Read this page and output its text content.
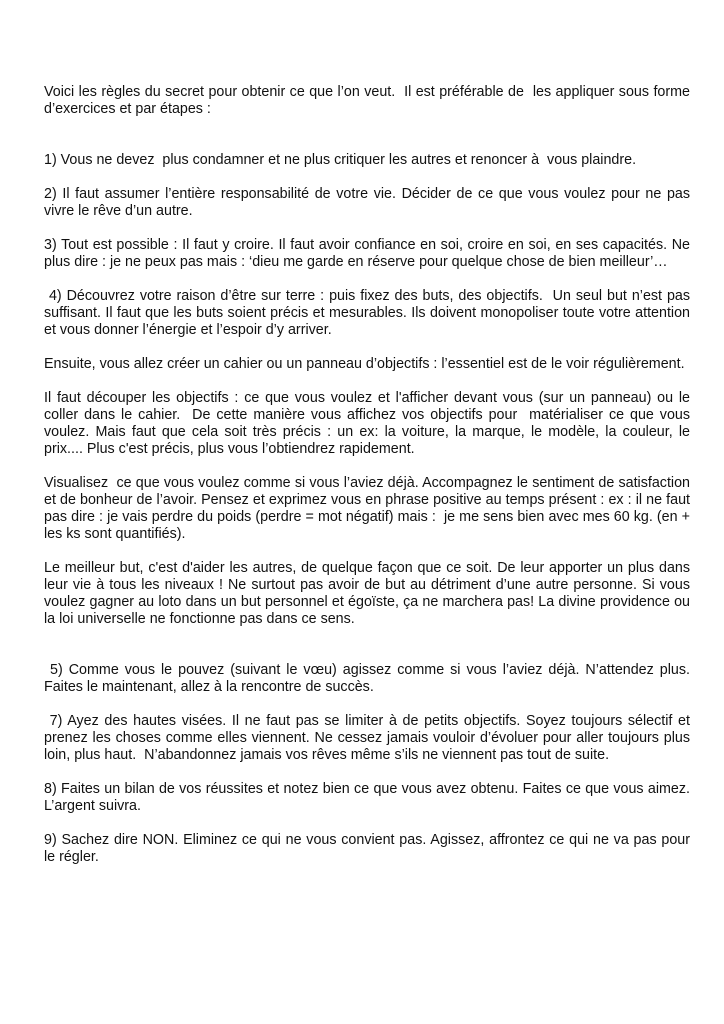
Voici les règles du secret pour obtenir ce que l’on veut.  Il est préférable de  les appliquer sous forme d’exercices et par étapes :

1) Vous ne devez  plus condamner et ne plus critiquer les autres et renoncer à  vous plaindre.

2) Il faut assumer l’entière responsabilité de votre vie. Décider de ce que vous voulez pour ne pas vivre le rêve d’un autre.

3) Tout est possible : Il faut y croire. Il faut avoir confiance en soi, croire en soi, en ses capacités. Ne plus dire : je ne peux pas mais : ‘dieu me garde en réserve pour quelque chose de bien meilleur’…

4) Découvrez votre raison d’être sur terre : puis fixez des buts, des objectifs.  Un seul but n’est pas suffisant. Il faut que les buts soient précis et mesurables. Ils doivent monopoliser toute votre attention et vous donner l’énergie et l’espoir d’y arriver.

Ensuite, vous allez créer un cahier ou un panneau d’objectifs : l’essentiel est de le voir régulièrement.

Il faut découper les objectifs : ce que vous voulez et l'afficher devant vous (sur un panneau) ou le coller dans le cahier.  De cette manière vous affichez vos objectifs pour  matérialiser ce que vous voulez. Mais faut que cela soit très précis : un ex: la voiture, la marque, le modèle, la couleur, le prix.... Plus c'est précis, plus vous l’obtiendrez rapidement.

Visualisez  ce que vous voulez comme si vous l’aviez déjà. Accompagnez le sentiment de satisfaction  et de bonheur de l’avoir. Pensez et exprimez vous en phrase positive au temps présent : ex : il ne faut pas dire : je vais perdre du poids (perdre = mot négatif) mais :  je me sens bien avec mes 60 kg. (en + les ks sont quantifiés).

Le meilleur but, c'est d'aider les autres, de quelque façon que ce soit. De leur apporter un plus dans leur vie à tous les niveaux ! Ne surtout pas avoir de but au détriment d’une autre personne. Si vous voulez gagner au loto dans un but personnel et égoïste, ça ne marchera pas! La divine providence ou la loi universelle ne fonctionne pas dans ce sens.

5) Comme vous le pouvez (suivant le vœu) agissez comme si vous l’aviez déjà. N’attendez plus. Faites le maintenant, allez à la rencontre de succès.

7) Ayez des hautes visées. Il ne faut pas se limiter à de petits objectifs. Soyez toujours sélectif et prenez les choses comme elles viennent. Ne cessez jamais vouloir d’évoluer pour aller toujours plus loin, plus haut.  N’abandonnez jamais vos rêves même s’ils ne viennent pas tout de suite.

8) Faites un bilan de vos réussites et notez bien ce que vous avez obtenu. Faites ce que vous aimez. L’argent suivra.

9) Sachez dire NON. Eliminez ce qui ne vous convient pas. Agissez, affrontez ce qui ne va pas pour le régler.
